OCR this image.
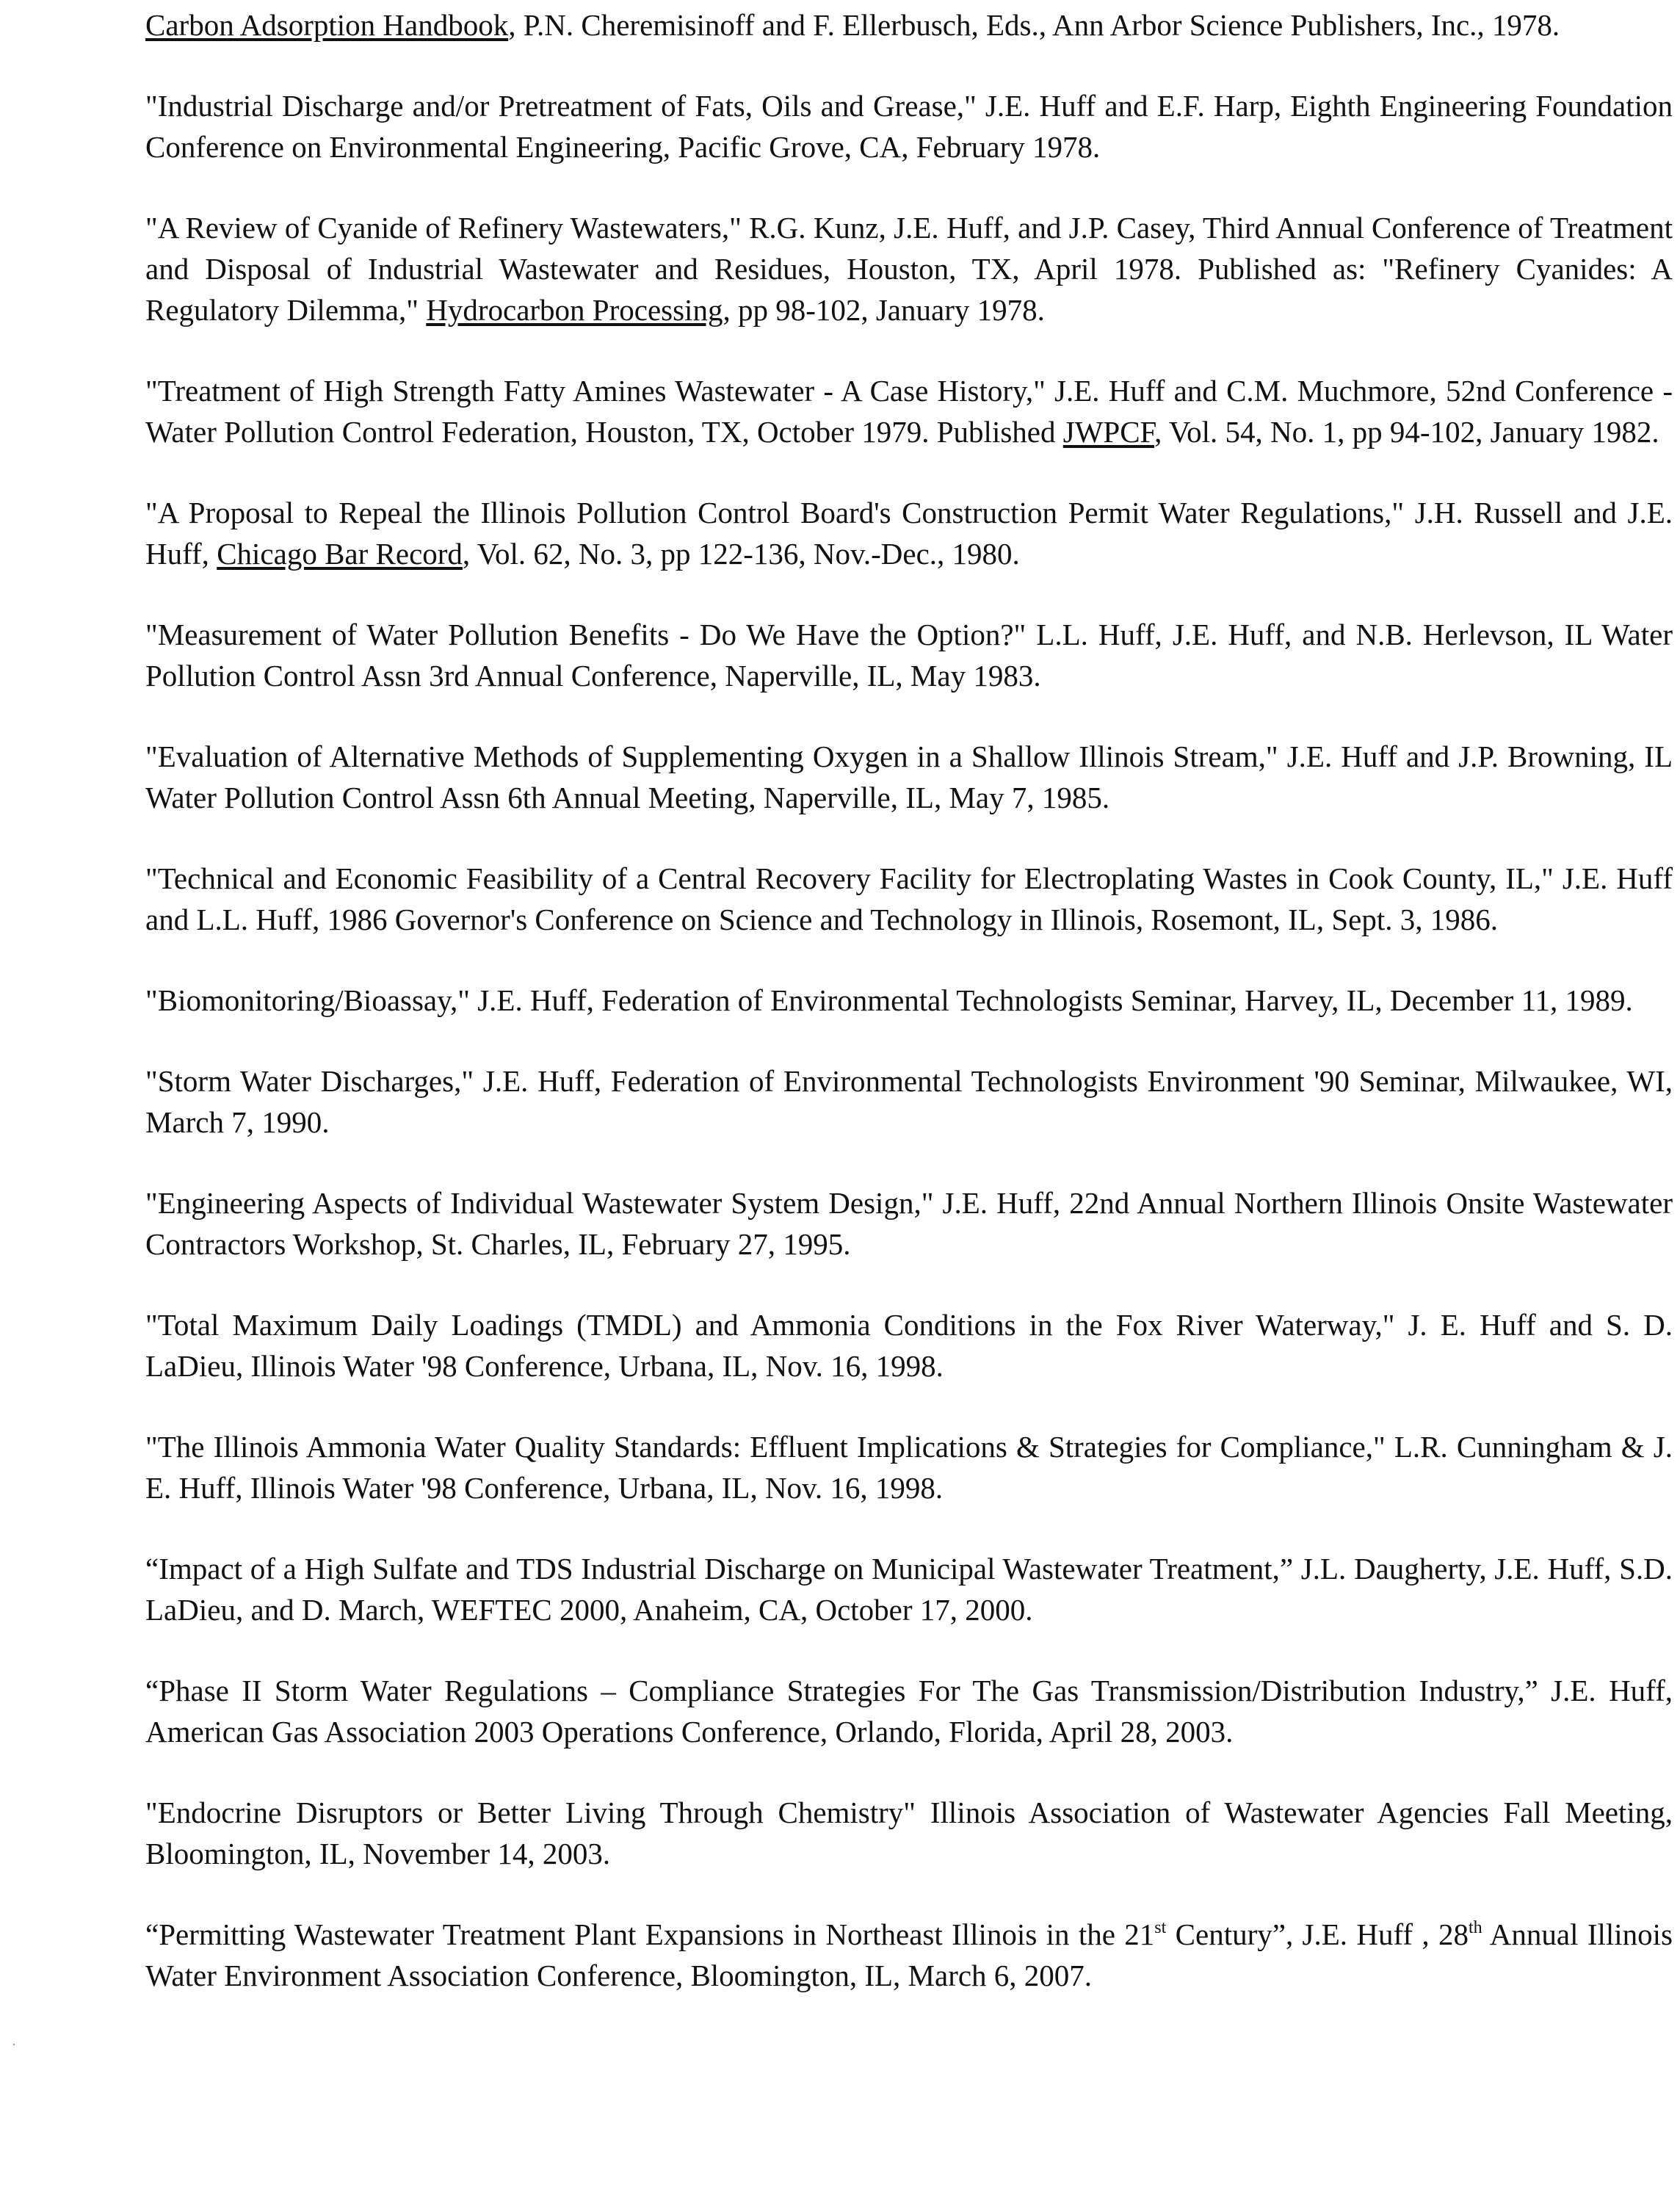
Carbon Adsorption Handbook, P.N. Cheremisinoff and F. Ellerbusch, Eds., Ann Arbor Science Publishers, Inc., 1978.

"Industrial Discharge and/or Pretreatment of Fats, Oils and Grease," J.E. Huff and E.F. Harp, Eighth Engineering Foundation Conference on Environmental Engineering, Pacific Grove, CA, February 1978.

"A Review of Cyanide of Refinery Wastewaters," R.G. Kunz, J.E. Huff, and J.P. Casey, Third Annual Conference of Treatment and Disposal of Industrial Wastewater and Residues, Houston, TX, April 1978. Published as: "Refinery Cyanides: A Regulatory Dilemma," Hydrocarbon Processing, pp 98-102, January 1978.

"Treatment of High Strength Fatty Amines Wastewater - A Case History," J.E. Huff and C.M. Muchmore, 52nd Conference - Water Pollution Control Federation, Houston, TX, October 1979. Published JWPCF, Vol. 54, No. 1, pp 94-102, January 1982.

"A Proposal to Repeal the Illinois Pollution Control Board's Construction Permit Water Regulations," J.H. Russell and J.E. Huff, Chicago Bar Record, Vol. 62, No. 3, pp 122-136, Nov.-Dec., 1980.

"Measurement of Water Pollution Benefits - Do We Have the Option?" L.L. Huff, J.E. Huff, and N.B. Herlevson, IL Water Pollution Control Assn 3rd Annual Conference, Naperville, IL, May 1983.

"Evaluation of Alternative Methods of Supplementing Oxygen in a Shallow Illinois Stream," J.E. Huff and J.P. Browning, IL Water Pollution Control Assn 6th Annual Meeting, Naperville, IL, May 7, 1985.

"Technical and Economic Feasibility of a Central Recovery Facility for Electroplating Wastes in Cook County, IL," J.E. Huff and L.L. Huff, 1986 Governor's Conference on Science and Technology in Illinois, Rosemont, IL, Sept. 3, 1986.

"Biomonitoring/Bioassay," J.E. Huff, Federation of Environmental Technologists Seminar, Harvey, IL, December 11, 1989.

"Storm Water Discharges," J.E. Huff, Federation of Environmental Technologists Environment '90 Seminar, Milwaukee, WI, March 7, 1990.

"Engineering Aspects of Individual Wastewater System Design," J.E. Huff, 22nd Annual Northern Illinois Onsite Wastewater Contractors Workshop, St. Charles, IL, February 27, 1995.

"Total Maximum Daily Loadings (TMDL) and Ammonia Conditions in the Fox River Waterway," J. E. Huff and S. D. LaDieu, Illinois Water '98 Conference, Urbana, IL, Nov. 16, 1998.

"The Illinois Ammonia Water Quality Standards: Effluent Implications & Strategies for Compliance," L.R. Cunningham & J. E. Huff, Illinois Water '98 Conference, Urbana, IL, Nov. 16, 1998.

“Impact of a High Sulfate and TDS Industrial Discharge on Municipal Wastewater Treatment,” J.L. Daugherty, J.E. Huff, S.D. LaDieu, and D. March, WEFTEC 2000, Anaheim, CA, October 17, 2000.

“Phase II Storm Water Regulations – Compliance Strategies For The Gas Transmission/Distribution Industry,” J.E. Huff, American Gas Association 2003 Operations Conference, Orlando, Florida, April 28, 2003.

"Endocrine Disruptors or Better Living Through Chemistry" Illinois Association of Wastewater Agencies Fall Meeting, Bloomington, IL, November 14, 2003.

“Permitting Wastewater Treatment Plant Expansions in Northeast Illinois in the 21st Century”, J.E. Huff , 28th Annual Illinois Water Environment Association Conference, Bloomington, IL, March 6, 2007.
